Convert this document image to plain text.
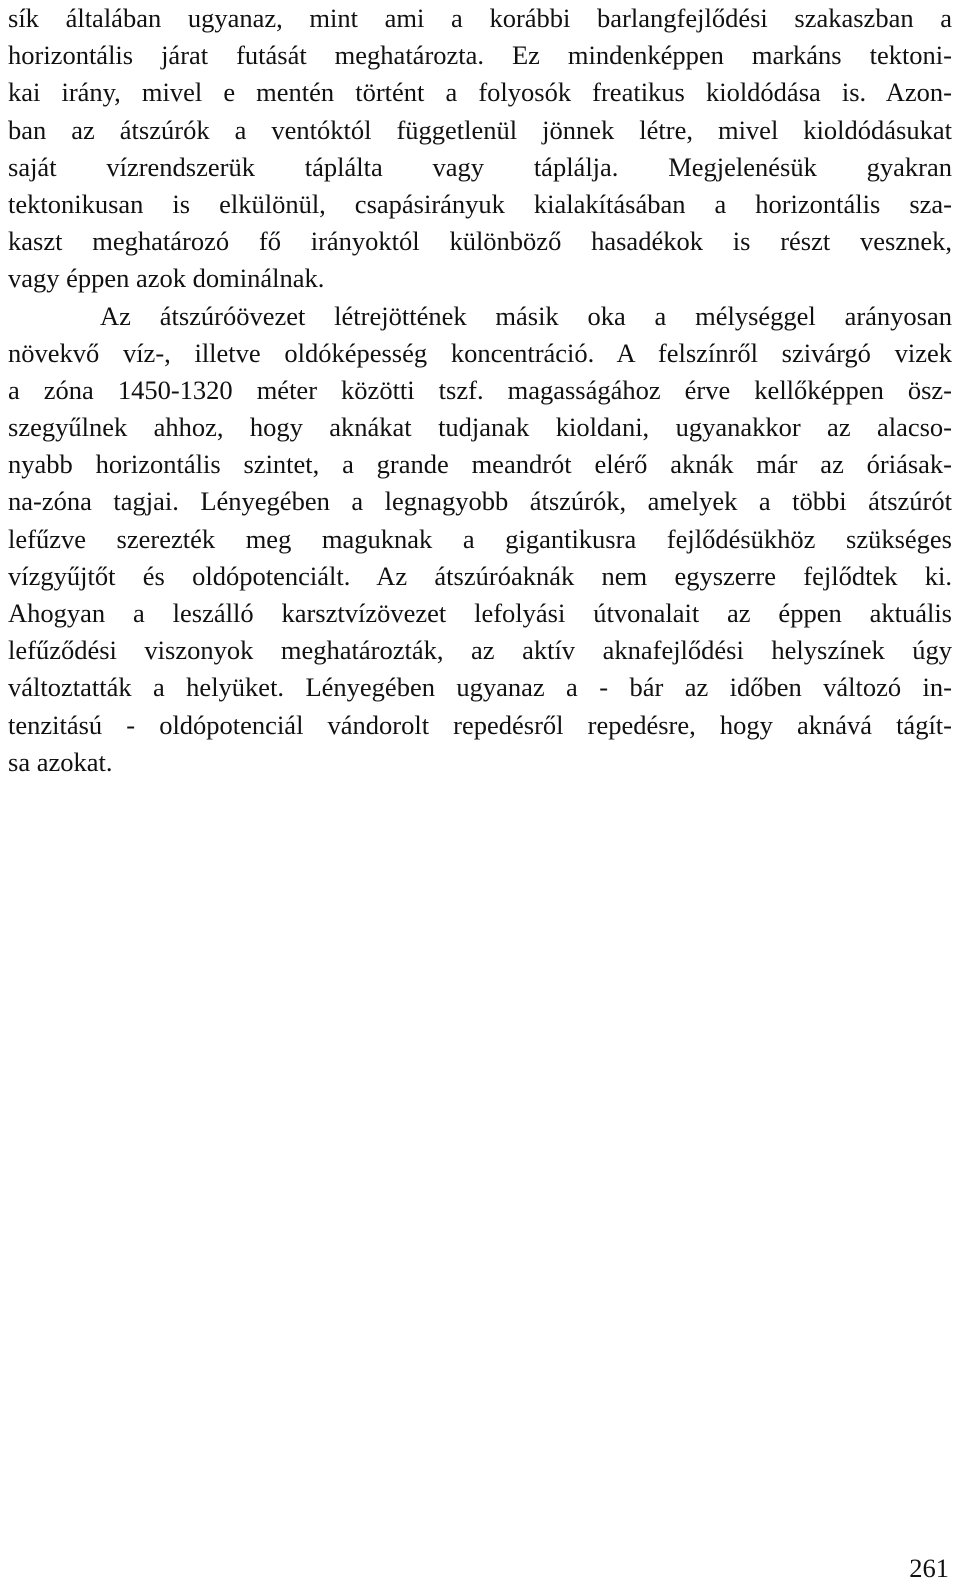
sík általában ugyanaz, mint ami a korábbi barlangfejlődési szakaszban a
horizontális járat futását meghatározta. Ez mindenképpen markáns tektoni-
kai irány, mivel e mentén történt a folyosók freatikus kioldódása is. Azon-
ban az átszúrók a ventóktól függetlenül jönnek létre, mivel kioldódásukat
saját vízrendszerük táplálta vagy táplálja. Megjelenésük gyakran
tektonikusan is elkülönül, csapásirányuk kialakításában a horizontális sza-
kaszt meghatározó fő irányoktól különböző hasadékok is részt vesznek,
vagy éppen azok dominálnak.
Az átszúróövezet létrejöttének másik oka a mélységgel arányosan
növekvő víz-, illetve oldóképesség koncentráció. A felszínről szivárgó vizek
a zóna 1450-1320 méter közötti tszf. magasságához érve kellőképpen ösz-
szegyűlnek ahhoz, hogy aknákat tudjanak kioldani, ugyanakkor az alacso-
nyabb horizontális szintet, a grande meandrót elérő aknák már az óriásak-
na-zóna tagjai. Lényegében a legnagyobb átszúrók, amelyek a többi átszúrót
lefűzve szerezték meg maguknak a gigantikusra fejlődésükhöz szükséges
vízgyűjtőt és oldópotenciált. Az átszúróaknák nem egyszerre fejlődtek ki.
Ahogyan a leszálló karsztvízövezet lefolyási útvonalait az éppen aktuális
lefűződési viszonyok meghatározták, az aktív aknafejlődési helyszínek úgy
változtatták a helyüket. Lényegében ugyanaz a - bár az időben változó in-
tenzitású - oldópotenciál vándorolt repedésről repedésre, hogy aknává tágít-
sa azokat.
261
